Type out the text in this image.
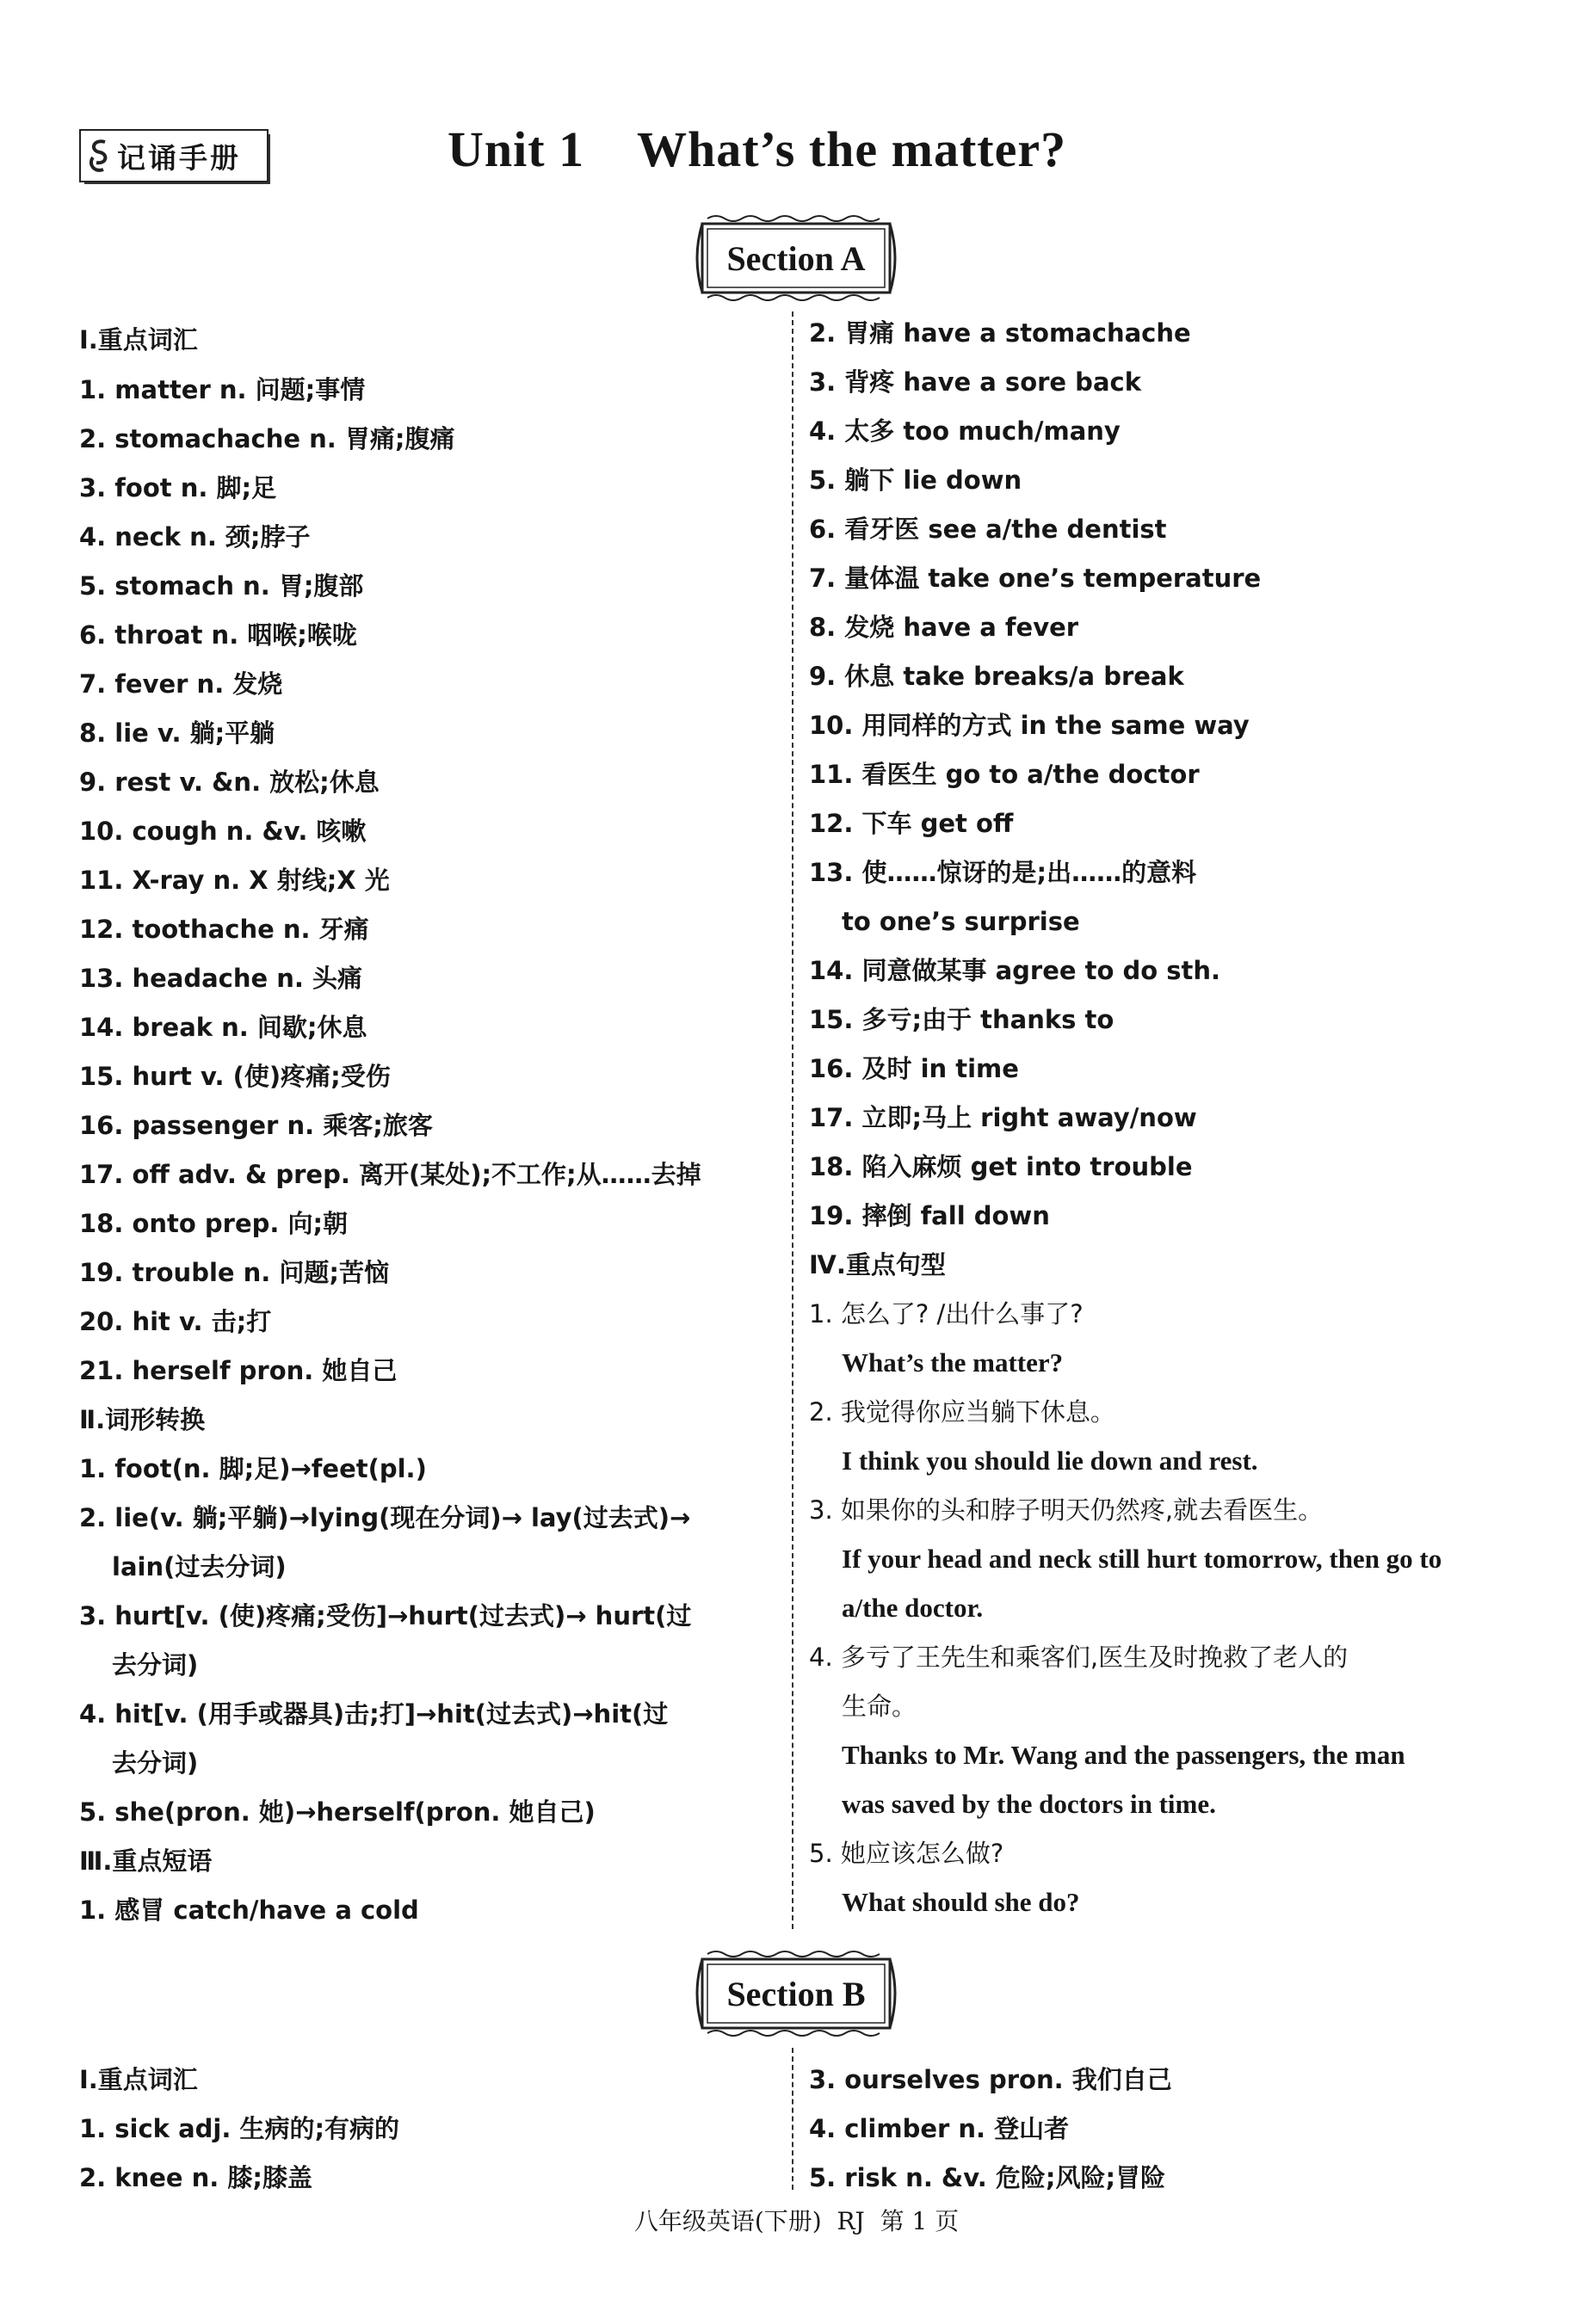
记诵手册	Unit 1    What’s the matter?
Section A
Ⅰ.重点词汇
1. matter n. 问题;事情
2. stomachache n. 胃痛;腹痛
3. foot n. 脚;足
4. neck n. 颈;脖子
5. stomach n. 胃;腹部
6. throat n. 咽喉;喉咙
7. fever n. 发烧
8. lie v. 躺;平躺
9. rest v. &n. 放松;休息
10. cough n. &v. 咳嗽
11. X-ray n. X 射线;X 光
12. toothache n. 牙痛
13. headache n. 头痛
14. break n. 间歇;休息
15. hurt v. (使)疼痛;受伤
16. passenger n. 乘客;旅客
17. off adv. & prep. 离开(某处);不工作;从……去掉
18. onto prep. 向;朝
19. trouble n. 问题;苦恼
20. hit v. 击;打
21. herself pron. 她自己
Ⅱ.词形转换
1. foot(n. 脚;足)→feet(pl.)
2. lie(v. 躺;平躺)→lying(现在分词)→ lay(过去式)→
lain(过去分词)
3. hurt[v. (使)疼痛;受伤]→hurt(过去式)→ hurt(过
去分词)
4. hit[v. (用手或器具)击;打]→hit(过去式)→hit(过
去分词)
5. she(pron. 她)→herself(pron. 她自己)
Ⅲ.重点短语
1. 感冒 catch/have a cold
2. 胃痛 have a stomachache
3. 背疼 have a sore back
4. 太多 too much/many
5. 躺下 lie down
6. 看牙医 see a/the dentist
7. 量体温 take one’s temperature
8. 发烧 have a fever
9. 休息 take breaks/a break
10. 用同样的方式 in the same way
11. 看医生 go to a/the doctor
12. 下车 get off
13. 使……惊讶的是;出……的意料
to one’s surprise
14. 同意做某事 agree to do sth.
15. 多亏;由于 thanks to
16. 及时 in time
17. 立即;马上 right away/now
18. 陷入麻烦 get into trouble
19. 摔倒 fall down
Ⅳ.重点句型
1. 怎么了? /出什么事了?
What’s the matter?
2. 我觉得你应当躺下休息。
I think you should lie down and rest.
3. 如果你的头和脖子明天仍然疼,就去看医生。
If your head and neck still hurt tomorrow, then go to
a/the doctor.
4. 多亏了王先生和乘客们,医生及时挽救了老人的
生命。
Thanks to Mr. Wang and the passengers, the man
was saved by the doctors in time.
5. 她应该怎么做?
What should she do?
Section B
Ⅰ.重点词汇
1. sick adj. 生病的;有病的
2. knee n. 膝;膝盖
3. ourselves pron. 我们自己
4. climber n. 登山者
5. risk n. &v. 危险;风险;冒险
八年级英语(下册)  RJ  第 1 页
